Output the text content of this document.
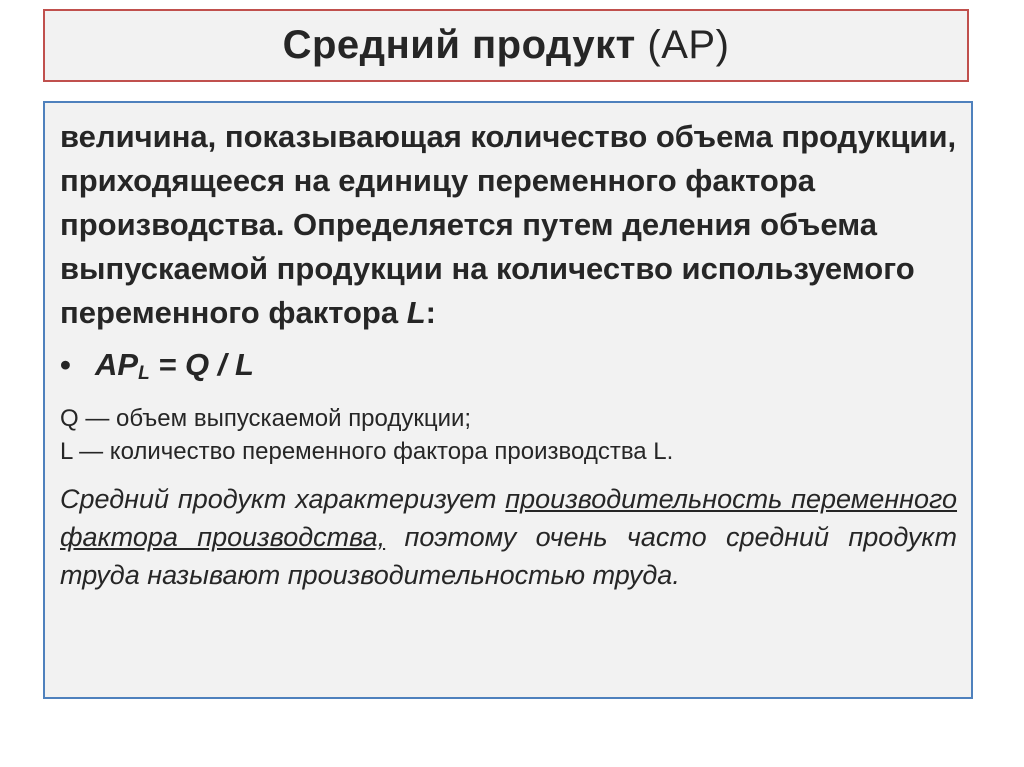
Средний продукт (AP)

величина, показывающая количество объема продукции, приходящееся на единицу переменного фактора производства. Определяется путем деления объема выпускаемой продукции на количество используемого переменного фактора L:

• $AP_L = Q / L$
Q — объем выпускаемой продукции;
L — количество переменного фактора производства L.
Средний продукт характеризует производительность переменного фактора производства, поэтому очень часто средний продукт труда называют производительностью труда.
